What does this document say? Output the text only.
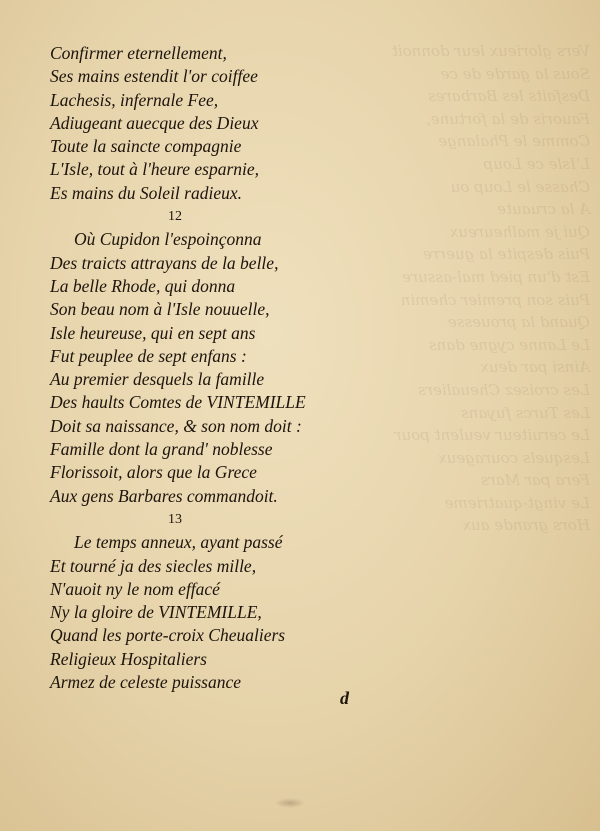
Vers glorieux leur donnoit
Sous la garde de ce
Desfaits les Barbares
Fauoris de la fortune,
Comme le Phalange
L'Isle ce Loup
Chasse le Loup ou
A la cruaute
Qui je malheureux
Puis despite la guerre
Est d'un pied mal-assure
Puis son premier chemin
Quand la prouesse
Le Lanne cygne dans
Ainsi par deux
Les croisez Cheualiers
Les Turcs fuyans
Le ceruiteur veulent pour
Lesquels courageux
Fera par Mars
Le vingt-quatrieme
Hors grande aux
Confirmer eternellement,
Ses mains estendit l'or coiffee
Lachesis, infernale Fee,
Adiugeant auecque des Dieux
Toute la saincte compagnie
L'Isle, tout à l'heure esparnie,
Es mains du Soleil radieux.
12
Où Cupidon l'espoinçonna
Des traicts attrayans de la belle,
La belle Rhode, qui donna
Son beau nom à l'Isle nouuelle,
Isle heureuse, qui en sept ans
Fut peuplee de sept enfans :
Au premier desquels la famille
Des haults Comtes de VINTEMILLE
Doit sa naissance, & son nom doit :
Famille dont la grand' noblesse
Florissoit, alors que la Grece
Aux gens Barbares commandoit.
13
Le temps anneux, ayant passé
Et tourné ja des siecles mille,
N'auoit ny le nom effacé
Ny la gloire de VINTEMILLE,
Quand les porte-croix Cheualiers
Religieux Hospitaliers
Armez de celeste puissance
d
